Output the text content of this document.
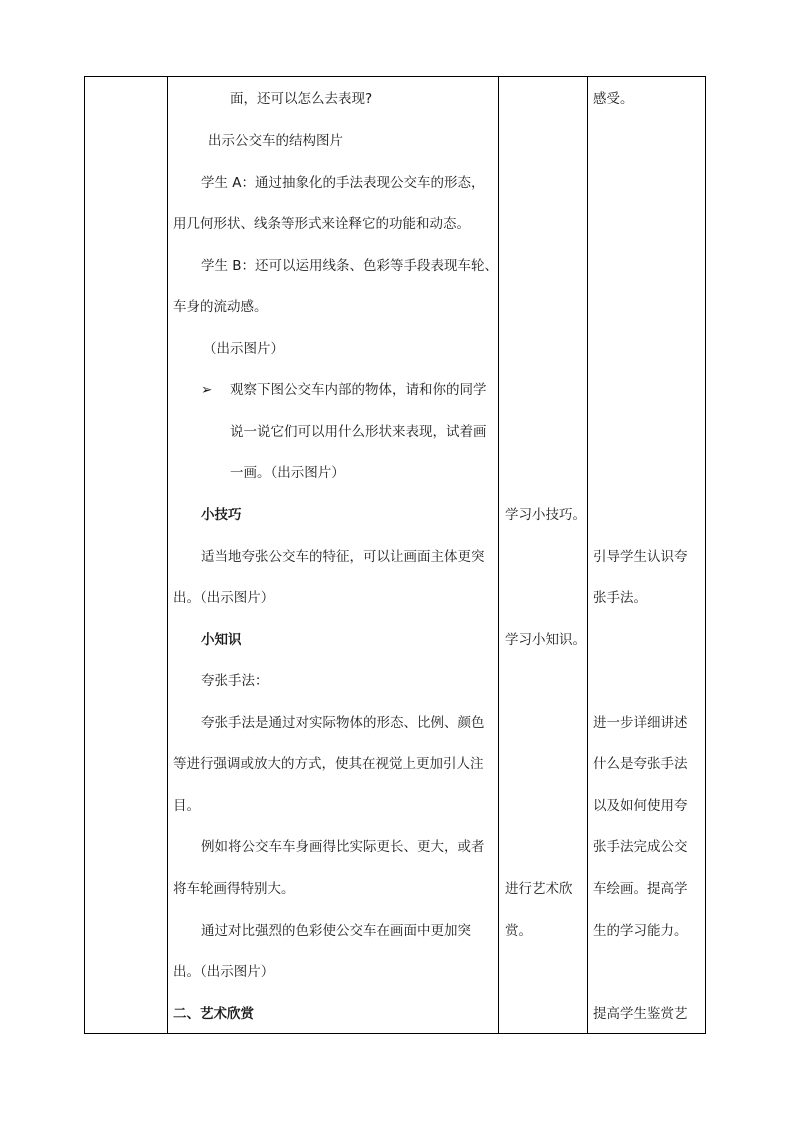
面，还可以怎么去表现?
出示公交车的结构图片
学生 A：通过抽象化的手法表现公交车的形态，
用几何形状、线条等形式来诠释它的功能和动态。
学生 B：还可以运用线条、色彩等手段表现车轮、
车身的流动感。
（出示图片）
➢ 观察下图公交车内部的物体，请和你的同学
说一说它们可以用什么形状来表现，试着画
一画。（出示图片）
小技巧
适当地夸张公交车的特征，可以让画面主体更突
出。（出示图片）
小知识
夸张手法：
夸张手法是通过对实际物体的形态、比例、颜色
等进行强调或放大的方式，使其在视觉上更加引人注
目。
例如将公交车车身画得比实际更长、更大，或者
将车轮画得特别大。
通过对比强烈的色彩使公交车在画面中更加突
出。（出示图片）
二、艺术欣赏
学习小技巧。
学习小知识。
进行艺术欣
赏。
感受。
引导学生认识夸
张手法。
进一步详细讲述
什么是夸张手法
以及如何使用夸
张手法完成公交
车绘画。提高学
生的学习能力。
提高学生鉴赏艺
